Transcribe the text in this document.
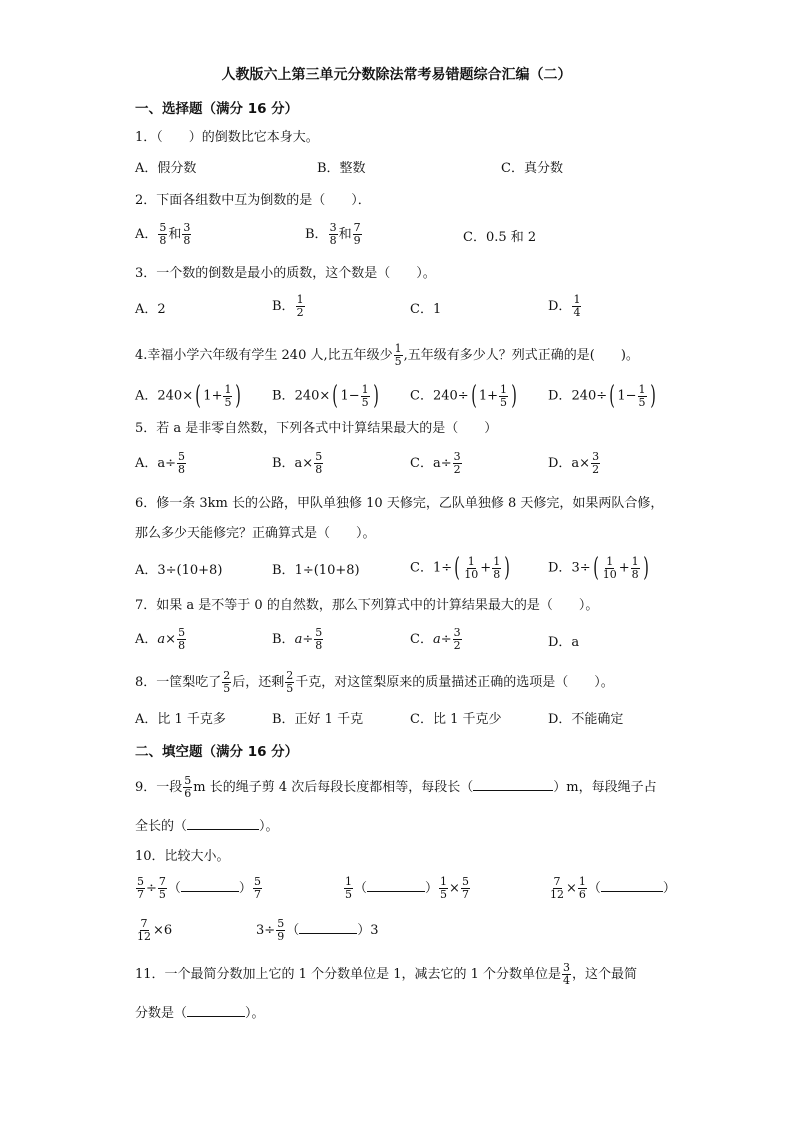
人教版六上第三单元分数除法常考易错题综合汇编（二）
一、选择题（满分 16 分）
1．（　　）的倒数比它本身大。
A．假分数	B．整数	C．真分数
2．下面各组数中互为倒数的是（　　）．
A． $\frac{5}{8}$ 和 $\frac{3}{8}$	B． $\frac{3}{8}$ 和 $\frac{7}{9}$	C．0.5 和 2
3．一个数的倒数是最小的质数，这个数是（　　）。
A．2	B． $\frac{1}{2}$	C．1	D． $\frac{1}{4}$
4.幸福小学六年级有学生 240 人,比五年级少 $\frac{1}{5}$ ,五年级有多少人？列式正确的是(　　)。
A．240×( $1+ \frac{1}{5}$ ) B．240×( $1- \frac{1}{5}$ ) C．240÷( $1+ \frac{1}{5}$ ) D．240÷( $1- \frac{1}{5}$ )
5．若 a 是非零自然数，下列各式中计算结果最大的是（　　）
A．$a\div \frac{5}{8}$	B．$a\times \frac{5}{8}$	C．$a\div \frac{3}{2}$	D．$a\times \frac{3}{2}$
6．修一条 3km 长的公路，甲队单独修 10 天修完，乙队单独修 8 天修完，如果两队合修，
那么多少天能修完？正确算式是（　　）。
A．3÷(10+8)	B．1÷(10+8)	C．$1\div( \frac{1}{10} + \frac{1}{8}$ )	D．$3\div( \frac{1}{10} + \frac{1}{8}$ )
7．如果 a 是不等于 0 的自然数，那么下列算式中的计算结果最大的是（　　）。
A．$a\times \frac{5}{8}$	B．$a\div \frac{5}{8}$	C．$a\div \frac{3}{2}$	D．a
8．一筐梨吃了 $\frac{2}{5}$ 后，还剩 $\frac{2}{5}$ 千克，对这筐梨原来的质量描述正确的选项是（　　）。
A．比 1 千克多	B．正好 1 千克	C．比 1 千克少	D．不能确定
二、填空题（满分 16 分）
9．一段 $\frac{5}{6}$ m 长的绳子剪 4 次后每段长度都相等，每段长（	）m，每段绳子占
全长的（	）。
10．比较大小。
$\frac{5}{7} \div \frac{7}{5}$ （	） $\frac{5}{7}$	$\frac{1}{5}$ （	） $\frac{1}{5} \times \frac{5}{7}$	$\frac{7}{12} \times \frac{1}{6}$ （	）
$\frac{7}{12} \times 6$	$3\div \frac{5}{9}$ （	）3
11．一个最简分数加上它的 1 个分数单位是 1，减去它的 1 个分数单位是 $\frac{3}{4}$ ，这个最简
分数是（	）。
